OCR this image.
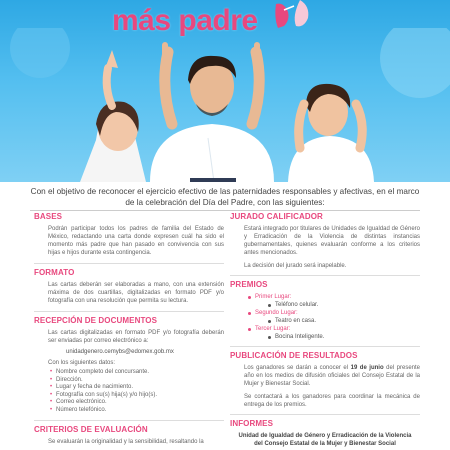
más padre
Con el objetivo de reconocer el ejercicio efectivo de las paternidades responsables y afectivas, en el marco de la celebración del Día del Padre, con las siguientes:
BASES
Podrán participar todos los padres de familia del Estado de México, redactando una carta donde expresen cuál ha sido el momento más padre que han pasado en convivencia con sus hijas e hijos durante esta contingencia.
FORMATO
Las cartas deberán ser elaboradas a mano, con una extensión máxima de dos cuartillas, digitalizadas en formato PDF y/o fotografía con una resolución que permita su lectura.
RECEPCIÓN DE DOCUMENTOS
Las cartas digitalizadas en formato PDF y/o fotografía deberán ser enviadas por correo electrónico a:
unidadgenero.cemybs@edomex.gob.mx
Con los siguientes datos:
• Nombre completo del concursante.
• Dirección.
• Lugar y fecha de nacimiento.
• Fotografía con su(s) hija(s) y/o hijo(s).
• Correo electrónico.
• Número telefónico.
CRITERIOS DE EVALUACIÓN
Se evaluarán la originalidad y la sensibilidad, resaltando la
JURADO CALIFICADOR
Estará integrado por titulares de Unidades de Igualdad de Género y Erradicación de la Violencia de distintas instancias gubernamentales, quienes evaluarán conforme a los criterios antes mencionados.
La decisión del jurado será inapelable.
PREMIOS
Primer Lugar:
Teléfono celular.
Segundo Lugar:
Teatro en casa.
Tercer Lugar:
Bocina Inteligente.
PUBLICACIÓN DE RESULTADOS
Los ganadores se darán a conocer el 19 de junio del presente año en los medios de difusión oficiales del Consejo Estatal de la Mujer y Bienestar Social.
Se contactará a los ganadores para coordinar la mecánica de entrega de los premios.
INFORMES
Unidad de Igualdad de Género y Erradicación de la Violencia
del Consejo Estatal de la Mujer y Bienestar Social
